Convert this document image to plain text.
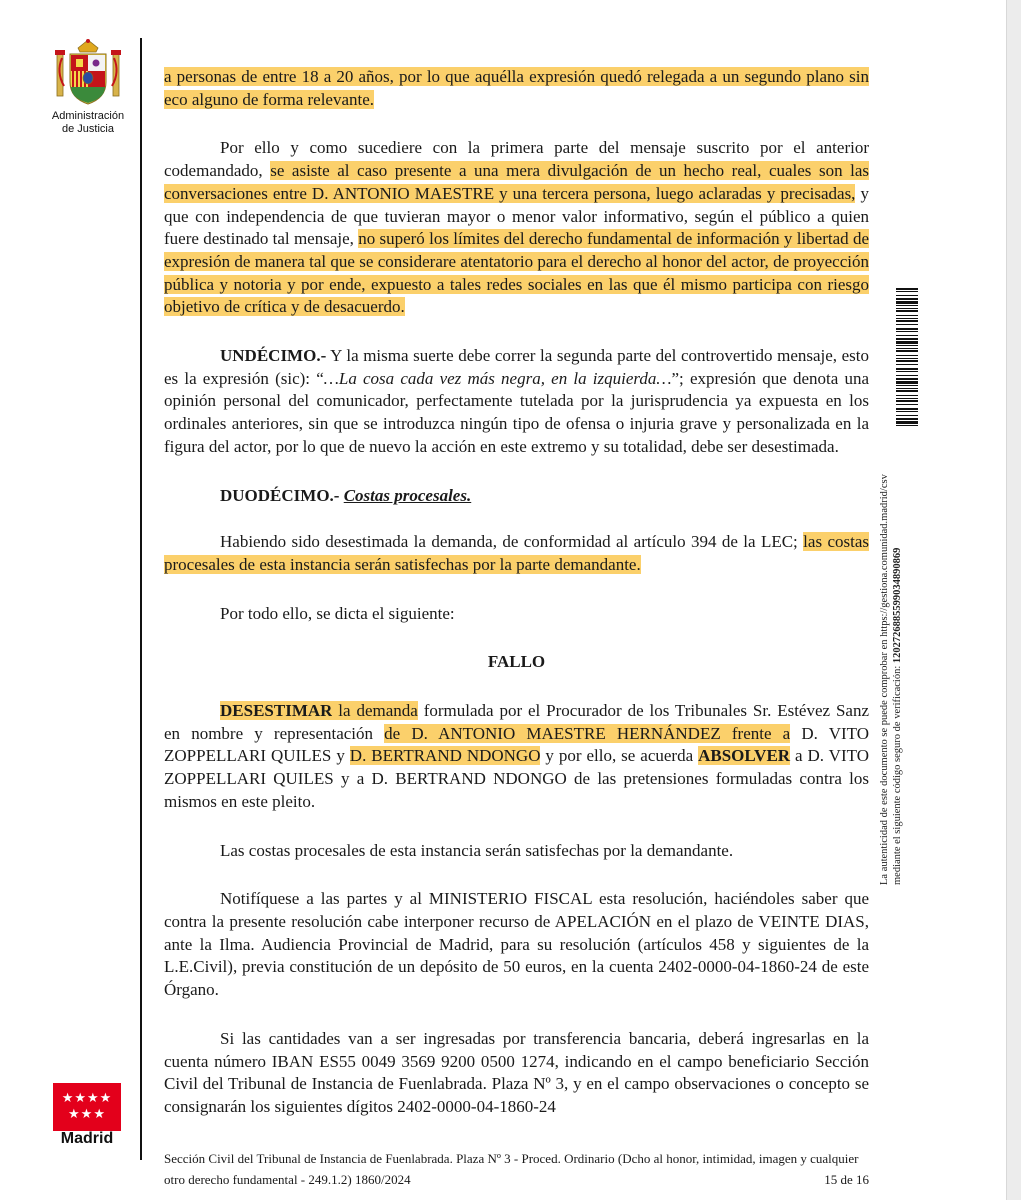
Administración
de Justicia
★★★★
★★★
Madrid

a personas de entre 18 a 20 años, por lo que aquélla expresión quedó relegada a un segundo plano sin eco alguno de forma relevante.

Por ello y como sucediere con la primera parte del mensaje suscrito por el anterior codemandado, se asiste al caso presente a una mera divulgación de un hecho real, cuales son las conversaciones entre D. ANTONIO MAESTRE y una tercera persona, luego aclaradas y precisadas, y que con independencia de que tuvieran mayor o menor valor informativo, según el público a quien fuere destinado tal mensaje, no superó los límites del derecho fundamental de información y libertad de expresión de manera tal que se considerare atentatorio para el derecho al honor del actor, de proyección pública y notoria y por ende, expuesto a tales redes sociales en las que él mismo participa con riesgo objetivo de crítica y de desacuerdo.

UNDÉCIMO.- Y la misma suerte debe correr la segunda parte del controvertido mensaje, esto es la expresión (sic): “…La cosa cada vez más negra, en la izquierda…”; expresión que denota una opinión personal del comunicador, perfectamente tutelada por la jurisprudencia ya expuesta en los ordinales anteriores, sin que se introduzca ningún tipo de ofensa o injuria grave y personalizada en la figura del actor, por lo que de nuevo la acción en este extremo y su totalidad, debe ser desestimada.

DUODÉCIMO.- Costas procesales.

Habiendo sido desestimada la demanda, de conformidad al artículo 394 de la LEC; las costas procesales de esta instancia serán satisfechas por la parte demandante.

Por todo ello, se dicta el siguiente:

FALLO

DESESTIMAR la demanda formulada por el Procurador de los Tribunales Sr. Estévez Sanz en nombre y representación de D. ANTONIO MAESTRE HERNÁNDEZ frente a D. VITO ZOPPELLARI QUILES y D. BERTRAND NDONGO y por ello, se acuerda ABSOLVER a D. VITO ZOPPELLARI QUILES y a D. BERTRAND NDONGO de las pretensiones formuladas contra los mismos en este pleito.

Las costas procesales de esta instancia serán satisfechas por la demandante.

Notifíquese a las partes y al MINISTERIO FISCAL esta resolución, haciéndoles saber que contra la presente resolución cabe interponer recurso de APELACIÓN en el plazo de VEINTE DIAS, ante la Ilma. Audiencia Provincial de Madrid, para su resolución (artículos 458 y siguientes de la L.E.Civil), previa constitución de un depósito de 50 euros, en la cuenta 2402-0000-04-1860-24 de este Órgano.

Si las cantidades van a ser ingresadas por transferencia bancaria, deberá ingresarlas en la cuenta número IBAN ES55 0049 3569 9200 0500 1274, indicando en el campo beneficiario Sección Civil del Tribunal de Instancia de Fuenlabrada. Plaza Nº 3, y en el campo observaciones o concepto se consignarán los siguientes dígitos 2402-0000-04-1860-24

Sección Civil del Tribunal de Instancia de Fuenlabrada. Plaza Nº 3 - Proced. Ordinario (Dcho al honor, intimidad, imagen y cualquier otro derecho fundamental - 249.1.2) 1860/2024	15 de 16
La autenticidad de este documento se puede comprobar en https://gestiona.comunidad.madrid/csv mediante el siguiente código seguro de verificación: 1202726885599034890869
